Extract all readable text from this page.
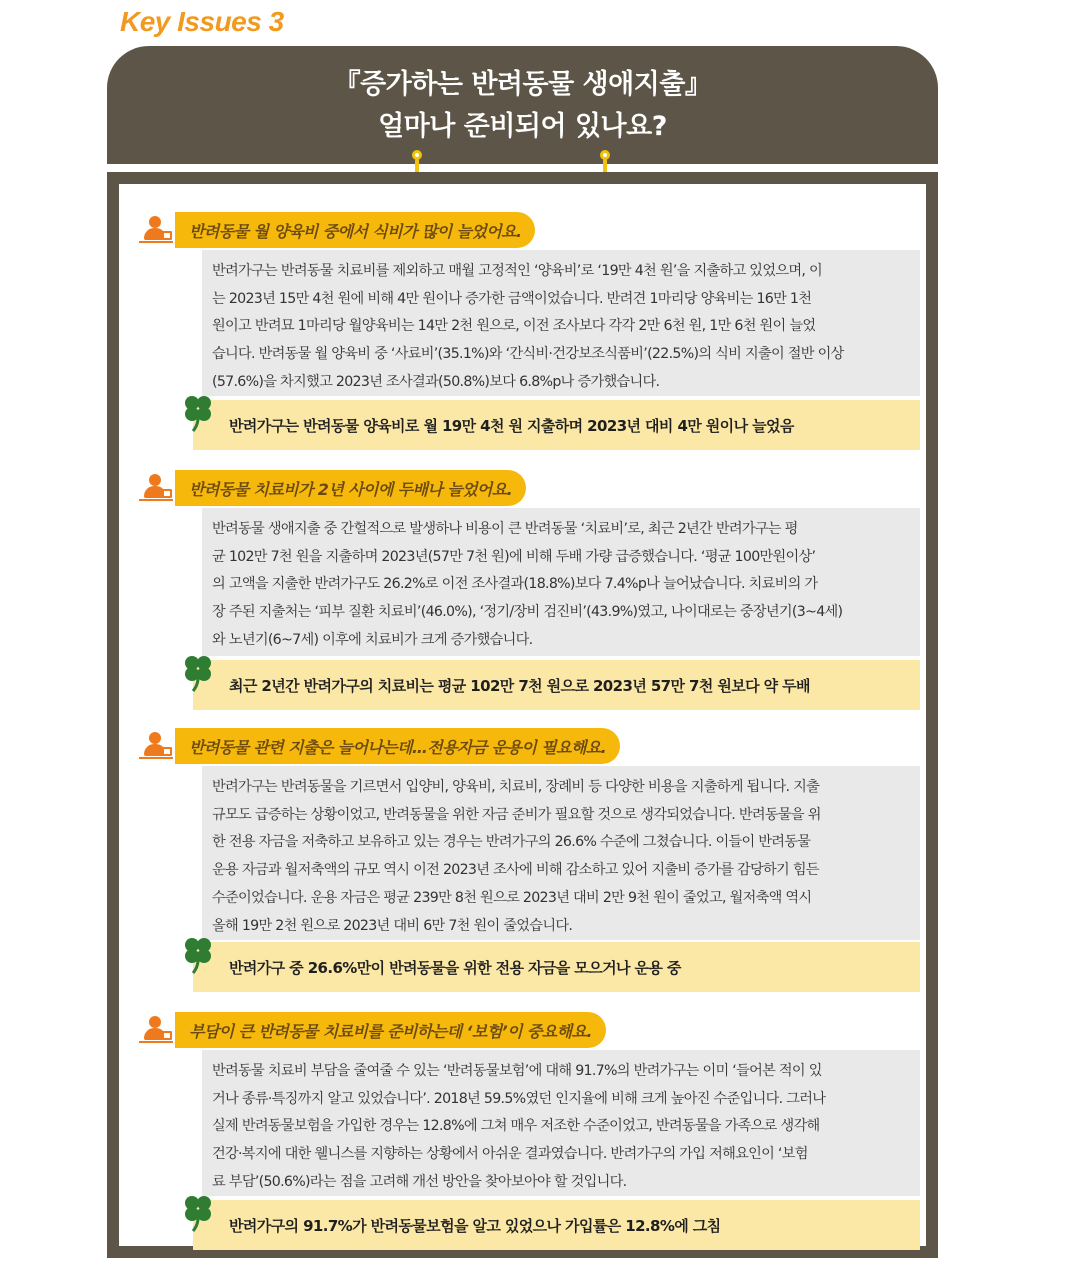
Key Issues 3
『증가하는 반려동물 생애지출』
얼마나 준비되어 있나요?
반려동물 월 양육비 중에서 식비가 많이 늘었어요.
반려가구는 반려동물 치료비를 제외하고 매월 고정적인 ‘양육비’로 ‘19만 4천 원’을 지출하고 있었으며, 이
는 2023년 15만 4천 원에 비해 4만 원이나 증가한 금액이었습니다. 반려견 1마리당 양육비는 16만 1천
원이고 반려묘 1마리당 월양육비는 14만 2천 원으로, 이전 조사보다 각각 2만 6천 원, 1만 6천 원이 늘었
습니다. 반려동물 월 양육비 중 ‘사료비’(35.1%)와 ‘간식비·건강보조식품비’(22.5%)의 식비 지출이 절반 이상
(57.6%)을 차지했고 2023년 조사결과(50.8%)보다 6.8%p나 증가했습니다.
반려가구는 반려동물 양육비로 월 19만 4천 원 지출하며 2023년 대비 4만 원이나 늘었음
반려동물 치료비가 2년 사이에 두배나 늘었어요.
반려동물 생애지출 중 간헐적으로 발생하나 비용이 큰 반려동물 ‘치료비’로, 최근 2년간 반려가구는 평
균 102만 7천 원을 지출하며 2023년(57만 7천 원)에 비해 두배 가량 급증했습니다. ‘평균 100만원이상’
의 고액을 지출한 반려가구도 26.2%로 이전 조사결과(18.8%)보다 7.4%p나 늘어났습니다. 치료비의 가
장 주된 지출처는 ‘피부 질환 치료비’(46.0%), ‘정기/장비 검진비’(43.9%)였고, 나이대로는 중장년기(3~4세)
와 노년기(6~7세) 이후에 치료비가 크게 증가했습니다.
최근 2년간 반려가구의 치료비는 평균 102만 7천 원으로 2023년 57만 7천 원보다 약 두배
반려동물 관련 지출은 늘어나는데…전용자금 운용이 필요해요.
반려가구는 반려동물을 기르면서 입양비, 양육비, 치료비, 장례비 등 다양한 비용을 지출하게 됩니다. 지출
규모도 급증하는 상황이었고, 반려동물을 위한 자금 준비가 필요할 것으로 생각되었습니다. 반려동물을 위
한 전용 자금을 저축하고 보유하고 있는 경우는 반려가구의 26.6% 수준에 그쳤습니다. 이들이 반려동물
운용 자금과 월저축액의 규모 역시 이전 2023년 조사에 비해 감소하고 있어 지출비 증가를 감당하기 힘든
수준이었습니다. 운용 자금은 평균 239만 8천 원으로 2023년 대비 2만 9천 원이 줄었고, 월저축액 역시
올해 19만 2천 원으로 2023년 대비 6만 7천 원이 줄었습니다.
반려가구 중 26.6%만이 반려동물을 위한 전용 자금을 모으거나 운용 중
부담이 큰 반려동물 치료비를 준비하는데 ‘보험’이 중요해요.
반려동물 치료비 부담을 줄여줄 수 있는 ‘반려동물보험’에 대해 91.7%의 반려가구는 이미 ‘들어본 적이 있
거나 종류·특징까지 알고 있었습니다’. 2018년 59.5%였던 인지율에 비해 크게 높아진 수준입니다. 그러나
실제 반려동물보험을 가입한 경우는 12.8%에 그쳐 매우 저조한 수준이었고, 반려동물을 가족으로 생각해
건강·복지에 대한 웰니스를 지향하는 상황에서 아쉬운 결과였습니다. 반려가구의 가입 저해요인이 ‘보험
료 부담’(50.6%)라는 점을 고려해 개선 방안을 찾아보아야 할 것입니다.
반려가구의 91.7%가 반려동물보험을 알고 있었으나 가입률은 12.8%에 그침
